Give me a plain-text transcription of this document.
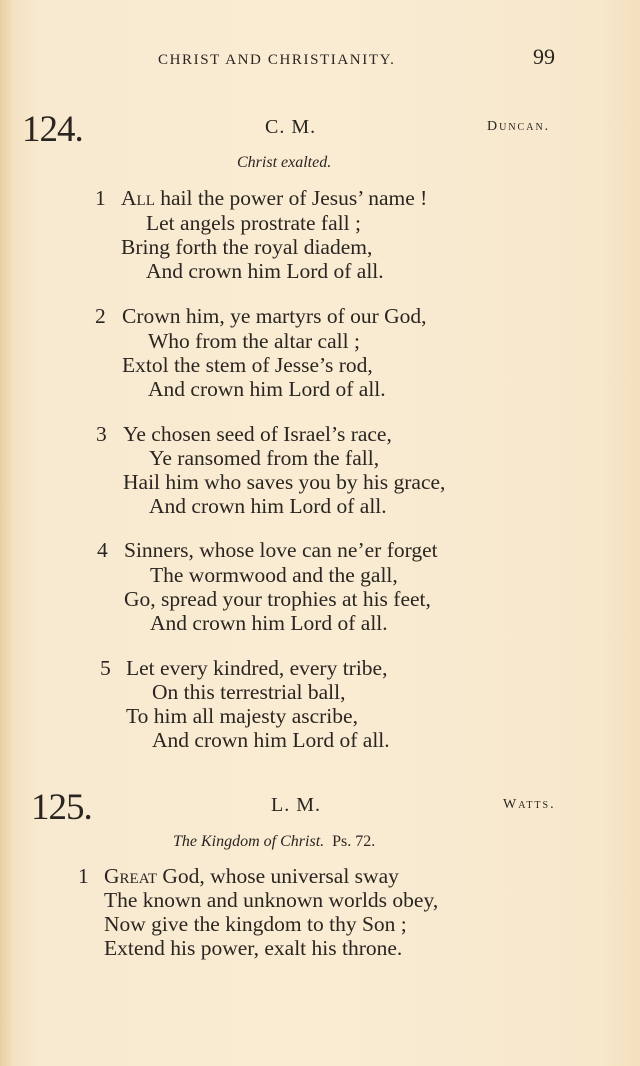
CHRIST AND CHRISTIANITY.	99
124.	C. M.	Duncan.
Christ exalted.
1 All hail the power of Jesus’ name !
Let angels prostrate fall ;
Bring forth the royal diadem,
And crown him Lord of all.
2 Crown him, ye martyrs of our God,
Who from the altar call ;
Extol the stem of Jesse’s rod,
And crown him Lord of all.
3 Ye chosen seed of Israel’s race,
Ye ransomed from the fall,
Hail him who saves you by his grace,
And crown him Lord of all.
4 Sinners, whose love can ne’er forget
The wormwood and the gall,
Go, spread your trophies at his feet,
And crown him Lord of all.
5 Let every kindred, every tribe,
On this terrestrial ball,
To him all majesty ascribe,
And crown him Lord of all.
125.	L. M.	Watts.
The Kingdom of Christ. Ps. 72.
1 Great God, whose universal sway
The known and unknown worlds obey,
Now give the kingdom to thy Son ;
Extend his power, exalt his throne.
